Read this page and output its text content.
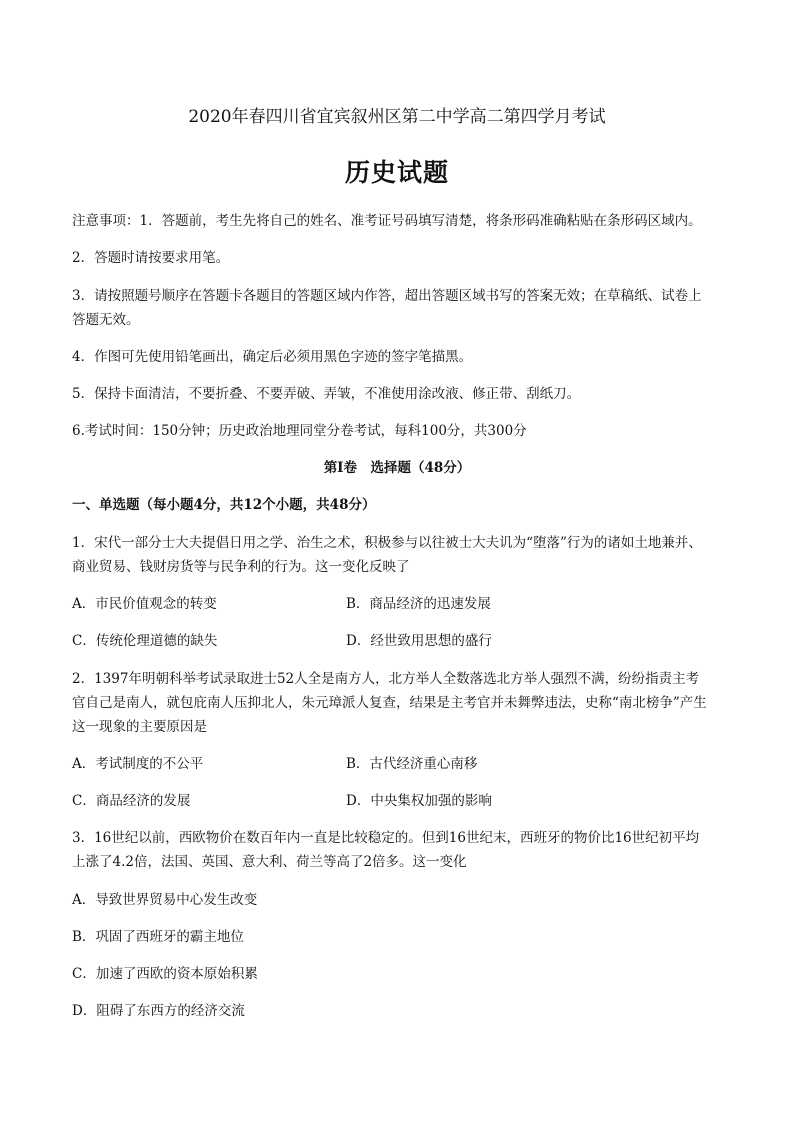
2020年春四川省宜宾叙州区第二中学高二第四学月考试
历史试题
注意事项：1．答题前，考生先将自己的姓名、准考证号码填写清楚，将条形码准确粘贴在条形码区域内。
2．答题时请按要求用笔。
3．请按照题号顺序在答题卡各题目的答题区域内作答，超出答题区域书写的答案无效；在草稿纸、试卷上
答题无效。
4．作图可先使用铅笔画出，确定后必须用黑色字迹的签字笔描黑。
5．保持卡面清洁，不要折叠、不要弄破、弄皱，不准使用涂改液、修正带、刮纸刀。
6.考试时间：150分钟；历史政治地理同堂分卷考试，每科100分，共300分
第Ⅰ卷　选择题（48分）
一、单选题（每小题4分，共12个小题，共48分）
1．宋代一部分士大夫提倡日用之学、治生之术，积极参与以往被士大夫讥为“堕落”行为的诸如土地兼并、
商业贸易、钱财房货等与民争利的行为。这一变化反映了
A．市民价值观念的转变	B．商品经济的迅速发展
C．传统伦理道德的缺失	D．经世致用思想的盛行
2．1397年明朝科举考试录取进士52人全是南方人，北方举人全数落选北方举人强烈不满，纷纷指责主考
官自己是南人，就包庇南人压抑北人，朱元璋派人复查，结果是主考官并未舞弊违法，史称“南北榜争”产生
这一现象的主要原因是
A．考试制度的不公平	B．古代经济重心南移
C．商品经济的发展	D．中央集权加强的影响
3．16世纪以前，西欧物价在数百年内一直是比较稳定的。但到16世纪末，西班牙的物价比16世纪初平均
上涨了4.2倍，法国、英国、意大利、荷兰等高了2倍多。这一变化
A．导致世界贸易中心发生改变
B．巩固了西班牙的霸主地位
C．加速了西欧的资本原始积累
D．阻碍了东西方的经济交流
